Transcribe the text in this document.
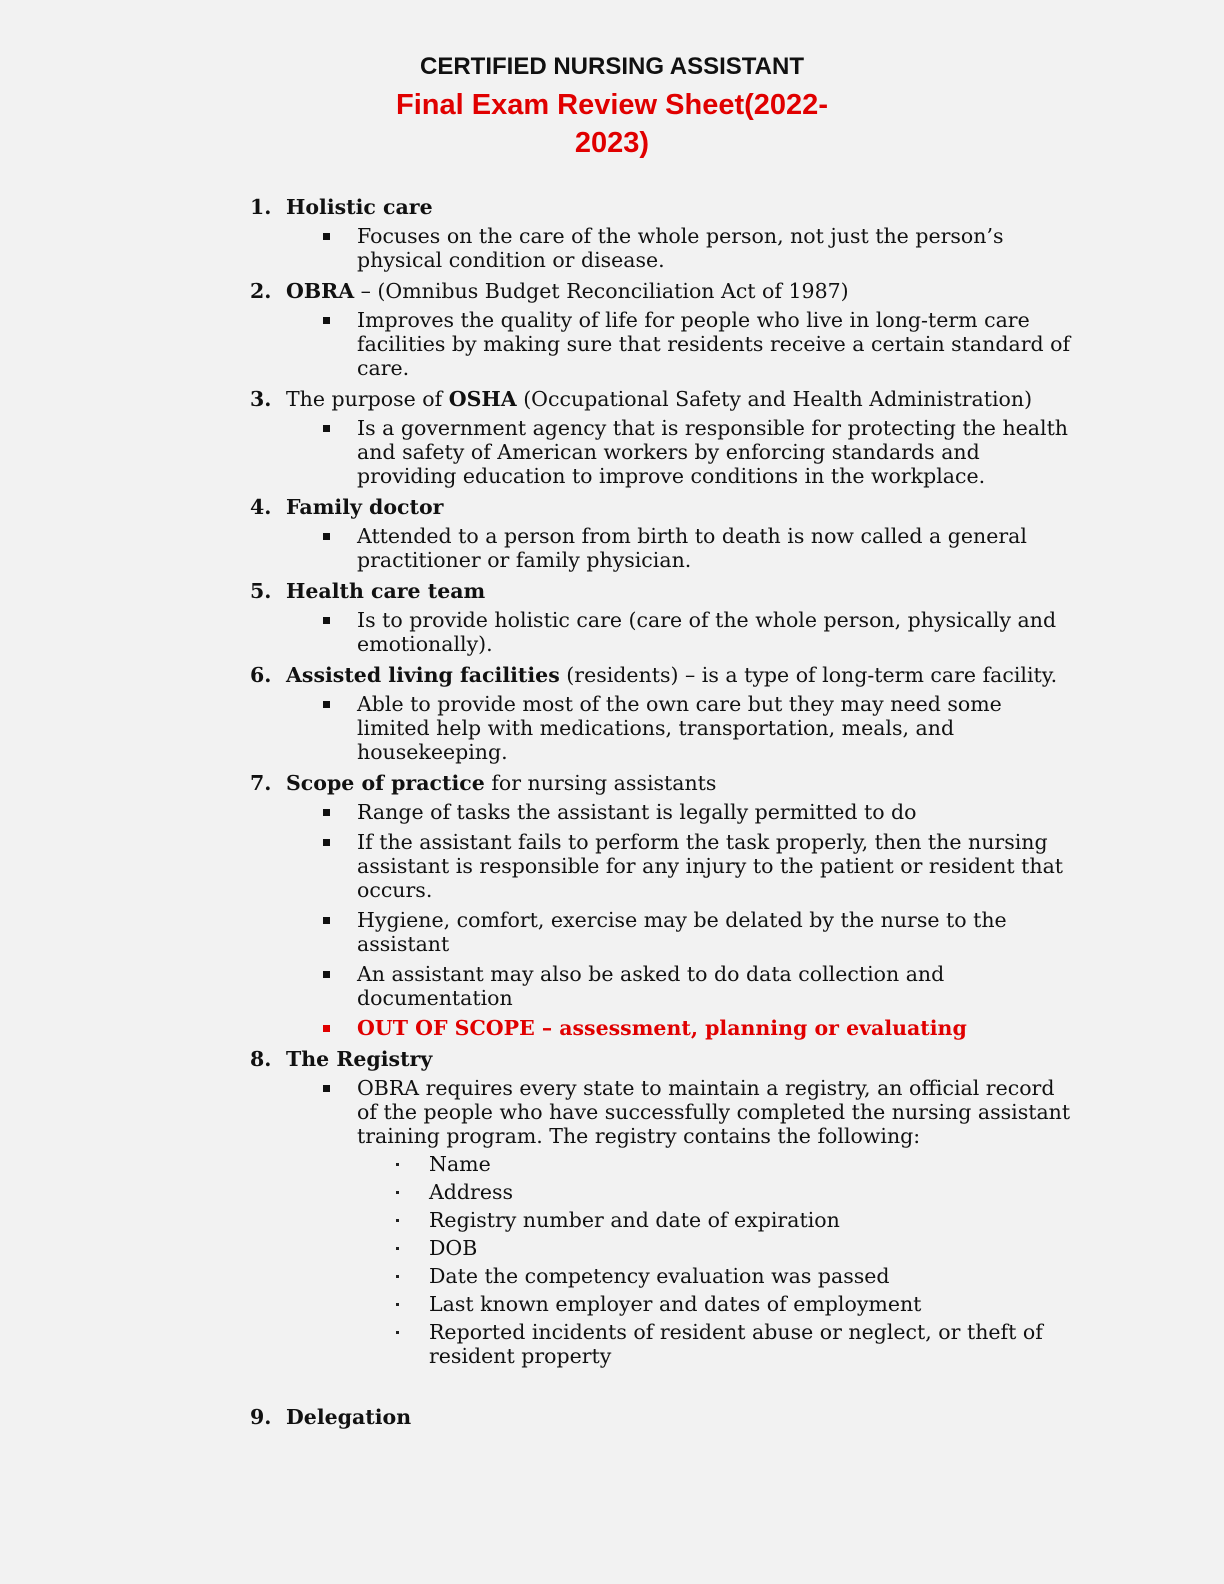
CERTIFIED NURSING ASSISTANT
Final Exam Review Sheet(2022-2023)
1. Holistic care
Focuses on the care of the whole person, not just the person’s physical condition or disease.
2. OBRA – (Omnibus Budget Reconciliation Act of 1987)
Improves the quality of life for people who live in long-term care facilities by making sure that residents receive a certain standard of care.
3. The purpose of OSHA (Occupational Safety and Health Administration)
Is a government agency that is responsible for protecting the health and safety of American workers by enforcing standards and providing education to improve conditions in the workplace.
4. Family doctor
Attended to a person from birth to death is now called a general practitioner or family physician.
5. Health care team
Is to provide holistic care (care of the whole person, physically and emotionally).
6. Assisted living facilities (residents) – is a type of long-term care facility.
Able to provide most of the own care but they may need some limited help with medications, transportation, meals, and housekeeping.
7. Scope of practice for nursing assistants
Range of tasks the assistant is legally permitted to do
If the assistant fails to perform the task properly, then the nursing assistant is responsible for any injury to the patient or resident that occurs.
Hygiene, comfort, exercise may be delated by the nurse to the assistant
An assistant may also be asked to do data collection and documentation
OUT OF SCOPE – assessment, planning or evaluating
8. The Registry
OBRA requires every state to maintain a registry, an official record of the people who have successfully completed the nursing assistant training program. The registry contains the following:
Name
Address
Registry number and date of expiration
DOB
Date the competency evaluation was passed
Last known employer and dates of employment
Reported incidents of resident abuse or neglect, or theft of resident property
9. Delegation
